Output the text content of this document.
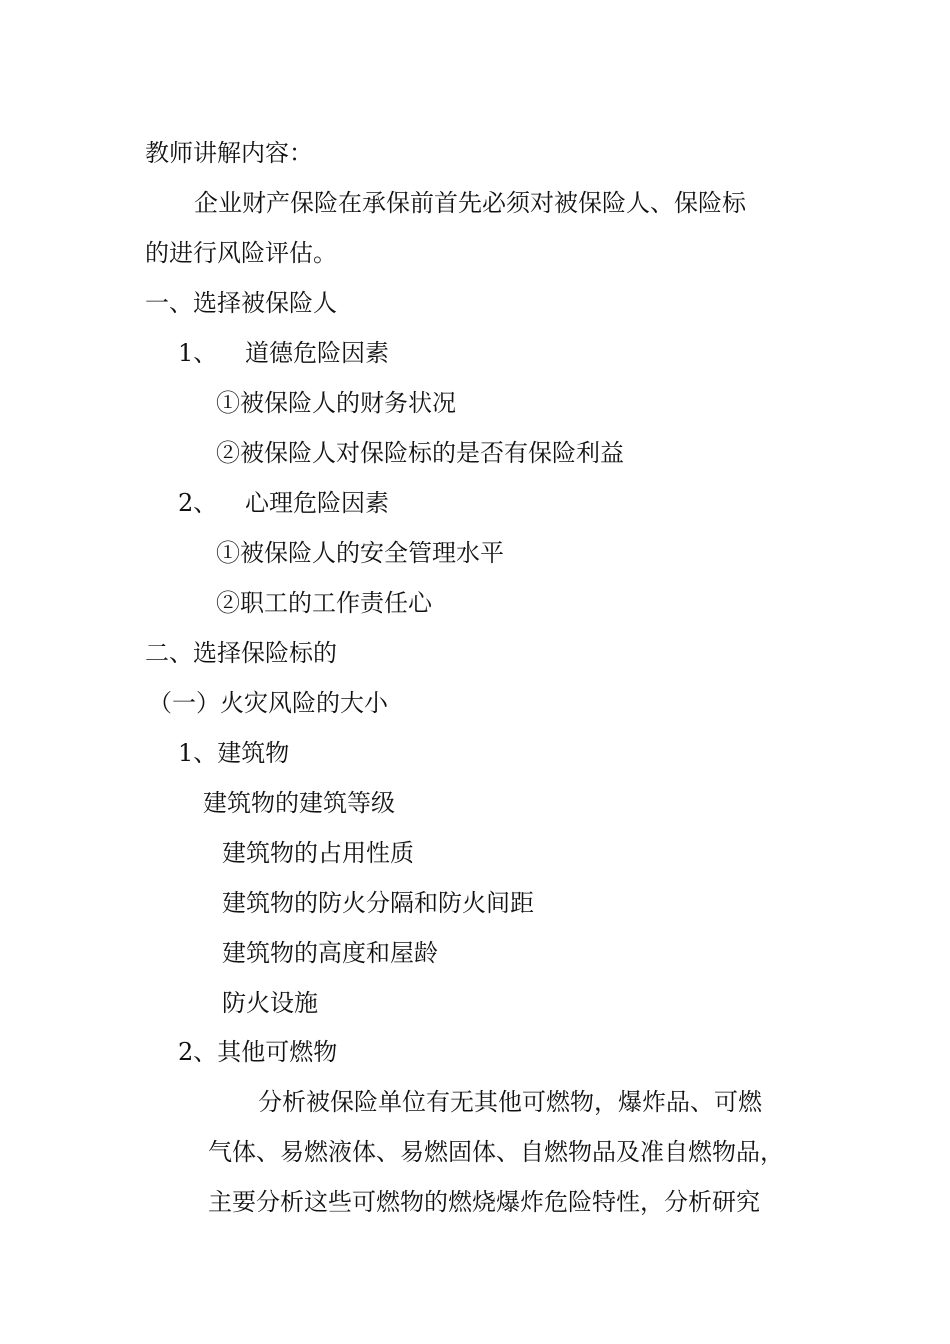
教师讲解内容：
企业财产保险在承保前首先必须对被保险人、保险标
的进行风险评估。
一、选择被保险人
1、 道德危险因素
①被保险人的财务状况
②被保险人对保险标的是否有保险利益
2、 心理危险因素
①被保险人的安全管理水平
②职工的工作责任心
二、选择保险标的
（一）火灾风险的大小
1、建筑物
建筑物的建筑等级
建筑物的占用性质
建筑物的防火分隔和防火间距
建筑物的高度和屋龄
防火设施
2、其他可燃物
分析被保险单位有无其他可燃物，爆炸品、可燃
气体、易燃液体、易燃固体、自燃物品及准自燃物品，
主要分析这些可燃物的燃烧爆炸危险特性，分析研究
